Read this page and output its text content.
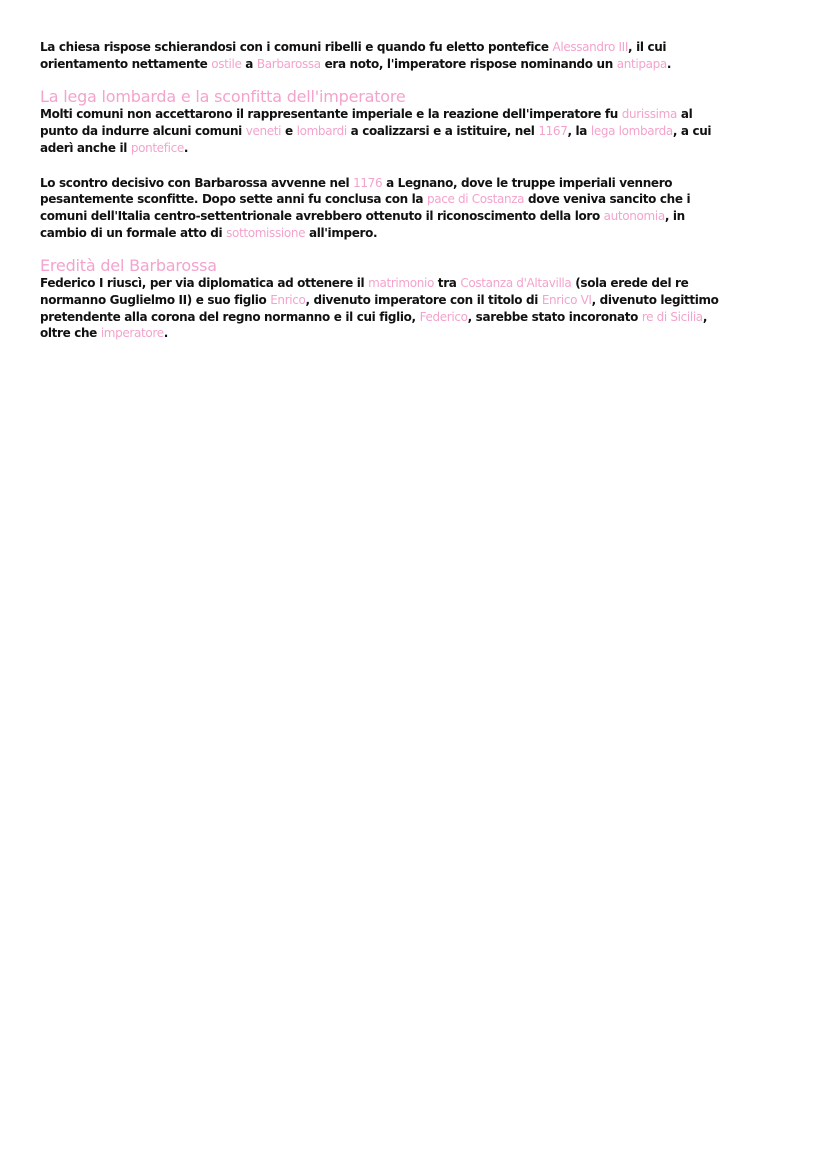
La chiesa rispose schierandosi con i comuni ribelli e quando fu eletto pontefice Alessandro III, il cui
orientamento nettamente ostile a Barbarossa era noto, l'imperatore rispose nominando un antipapa.

La lega lombarda e la sconfitta dell'imperatore

Molti comuni non accettarono il rappresentante imperiale e la reazione dell'imperatore fu durissima al
punto da indurre alcuni comuni veneti e lombardi a coalizzarsi e a istituire, nel 1167, la lega lombarda, a cui
aderì anche il pontefice.

Lo scontro decisivo con Barbarossa avvenne nel 1176 a Legnano, dove le truppe imperiali vennero
pesantemente sconfitte. Dopo sette anni fu conclusa con la pace di Costanza dove veniva sancito che i
comuni dell'Italia centro-settentrionale avrebbero ottenuto il riconoscimento della loro autonomia, in
cambio di un formale atto di sottomissione all'impero.

Eredità del Barbarossa

Federico I riuscì, per via diplomatica ad ottenere il matrimonio tra Costanza d'Altavilla (sola erede del re
normanno Guglielmo II) e suo figlio Enrico, divenuto imperatore con il titolo di Enrico VI, divenuto legittimo
pretendente alla corona del regno normanno e il cui figlio, Federico, sarebbe stato incoronato re di Sicilia,
oltre che imperatore.
